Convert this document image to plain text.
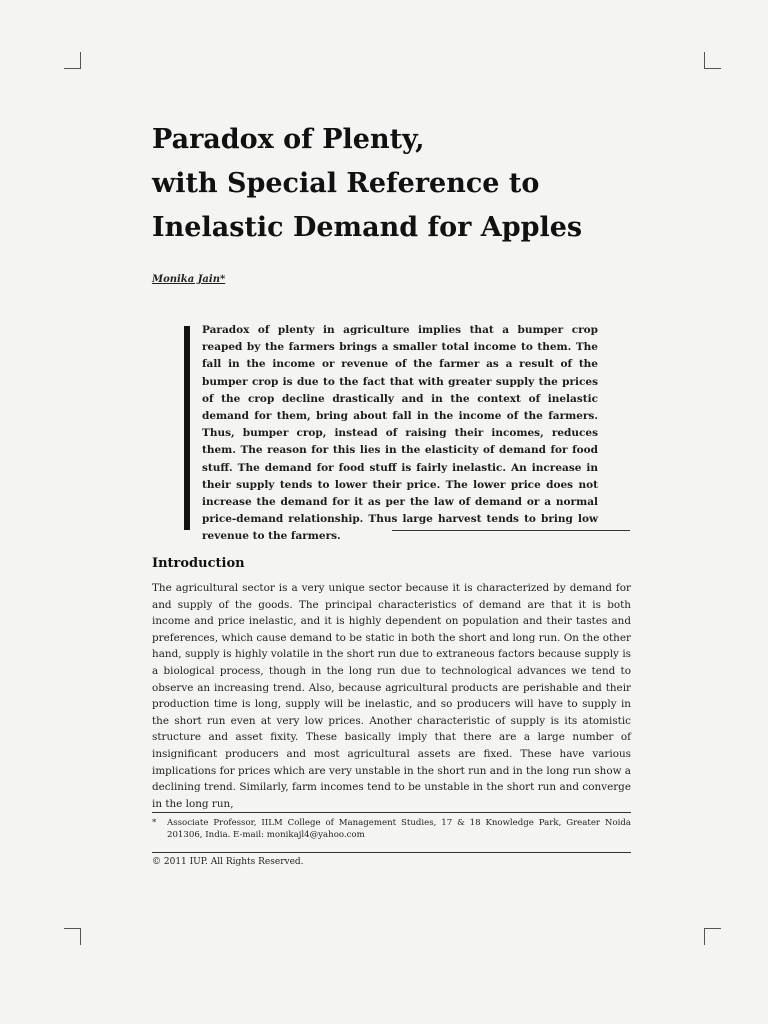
Paradox of Plenty,
with Special Reference to
Inelastic Demand for Apples
Monika Jain*

Paradox of plenty in agriculture implies that a bumper crop reaped by the farmers brings a smaller total income to them. The fall in the income or revenue of the farmer as a result of the bumper crop is due to the fact that with greater supply the prices of the crop decline drastically and in the context of inelastic demand for them, bring about fall in the income of the farmers. Thus, bumper crop, instead of raising their incomes, reduces them. The reason for this lies in the elasticity of demand for food stuff. The demand for food stuff is fairly inelastic. An increase in their supply tends to lower their price. The lower price does not increase the demand for it as per the law of demand or a normal price-demand relationship. Thus large harvest tends to bring low revenue to the farmers.

Introduction

The agricultural sector is a very unique sector because it is characterized by demand for and supply of the goods. The principal characteristics of demand are that it is both income and price inelastic, and it is highly dependent on population and their tastes and preferences, which cause demand to be static in both the short and long run. On the other hand, supply is highly volatile in the short run due to extraneous factors because supply is a biological process, though in the long run due to technological advances we tend to observe an increasing trend. Also, because agricultural products are perishable and their production time is long, supply will be inelastic, and so producers will have to supply in the short run even at very low prices. Another characteristic of supply is its atomistic structure and asset fixity. These basically imply that there are a large number of insignificant producers and most agricultural assets are fixed. These have various implications for prices which are very unstable in the short run and in the long run show a declining trend. Similarly, farm incomes tend to be unstable in the short run and converge in the long run,

* Associate Professor, IILM College of Management Studies, 17 & 18 Knowledge Park, Greater Noida 201306, India. E-mail: monikajl4@yahoo.com
© 2011 IUP. All Rights Reserved.
